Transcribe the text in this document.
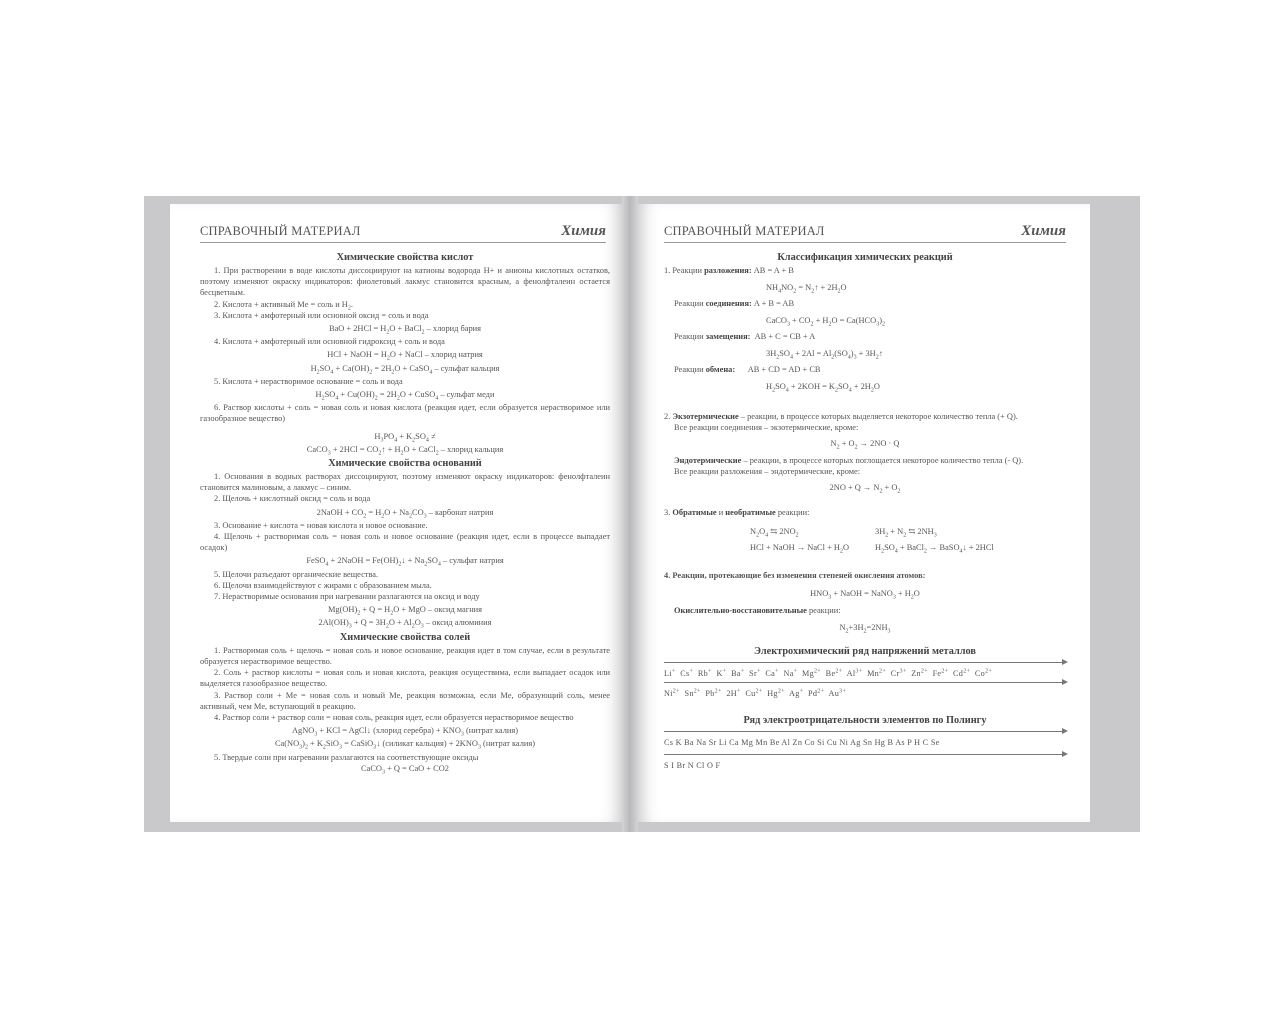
СПРАВОЧНЫЙ МАТЕРИАЛ	Химия
Химические свойства кислот

1. При растворении в воде кислоты диссоциируют на катионы водорода H+ и анионы кислотных остатков, поэтому изменяют окраску индикаторов: фиолетовый лакмус становится красным, а фенолфталеин остается бесцветным.

2. Кислота + активный Me = соль и $H_2$.

3. Кислота + амфотерный или основной оксид = соль и вода

BaO + $2HCl = H_2O$ + BaCl$_2$ – хлорид бария

4. Кислота + амфотерный или основной гидроксид + соль и вода

HCl + NaOH = $H_2O$ + NaCl – хлорид натрия
$H_2SO_4 + Ca(OH)_2 = 2H_2O$ + CaSO$_4$ – сульфат кальция

5. Кислота + нерастворимое основание = соль и вода

$H_2SO_4 + Cu(OH)_2 = 2H_2O$ + CuSO$_4$ – сульфат меди

6. Раствор кислоты + соль = новая соль и новая кислота (реакция идет, если образуется нерастворимое или газообразное вещество)

$H_3PO_4 + K_2SO_4$ ≠
CaCO$_3$ + $2HCl = CO_2↑ + H_2O$ + CaCl$_2$ – хлорид кальция
Химические свойства оснований

1. Основания в водных растворах диссоциируют, поэтому изменяют окраску индикаторов: фенолфталеин становится малиновым, а лакмус – синим.

2. Щелочь + кислотный оксид = соль и вода

2NaOH + $CO_2 = H_2O + Na_2CO_3$ – карбонат натрия

3. Основание + кислота = новая кислота и новое основание.

4. Щелочь + растворимая соль = новая соль и новое основание (реакция идет, если в процессе выпадает осадок)

FeSO$_4$ + 2NaOH = $Fe(OH)_2↓ + Na_2SO_4$ – сульфат натрия

5. Щелочи разъедают органические вещества.

6. Щелочи взаимодействуют с жирами с образованием мыла.

7. Нерастворимые основания при нагревании разлагаются на оксид и воду

$Mg(OH)_2 + Q = H_2O$ + MgO – оксид магния
$2Al(OH)_3 + Q = 3H_2O + Al_2O_3$ – оксид алюминия
Химические свойства солей

1. Растворимая соль + щелочь = новая соль и новое основание, реакция идет в том случае, если в результате образуется нерастворимое вещество.

2. Соль + раствор кислоты = новая соль и новая кислота, реакция осуществима, если выпадает осадок или выделяется газообразное вещество.

3. Раствор соли + Me = новая соль и новый Me, реакция возможна, если Me, образующий соль, менее активный, чем Me, вступающий в реакцию.

4. Раствор соли + раствор соли = новая соль, реакция идет, если образуется нерастворимое вещество

AgNO$_3$ + KCl = AgCl↓ (хлорид серебра) + $KNO_3$ (нитрат калия)
$Ca(NO_3)_2 + K_2SiO_3$ = CaSiO$_3$↓ (силикат кальция) + $2KNO_3$ (нитрат калия)

5. Твердые соли при нагревании разлагаются на соответствующие оксиды

CaCO$_3$ + Q = CaO + CO2
СПРАВОЧНЫЙ МАТЕРИАЛ	Химия
Классификация химических реакций
1. Реакции разложения: AB = A + B
$NH_4NO_2$ = $N_2↑ + 2H_2O$
Реакции соединения: A + B = AB
CaCO$_3$ + $CO_2 + H_2O = Ca(HCO_3)_2$
Реакции замещения: AB + C = CB + A
$3H_2SO_4 + 2Al = Al_2(SO_4)_3$ + $3H_2↑$
Реакции обмена: AB + CD = AD + CB
$H_2SO_4 + 2KOH = K_2SO_4 + 2H_2O$
2. Экзотермические – реакции, в процессе которых выделяется некоторое количество тепла (+ Q).
Все реакции соединения – экзотермические, кроме:
$N_2 + O_2 \to 2NO \cdot Q$
Эндотермические – реакции, в процессе которых поглощается некоторое количество тепла (- Q).
Все реакции разложения – эндотермические, кроме:
$2NO + Q \to N_2 + O_2$
3. Обратимые и необратимые реакции:
$N_2O_4$ ⇆ $2NO_2$
HCl + NaOH → NaCl + $H_2O$
$3H_2 + N_2$ ⇆ $2NH_3$
$H_2SO_4$ + BaCl$_2$ → BaSO$_4$↓ + 2HCl
4. Реакции, протекающие без изменения степеней окисления атомов:
$HNO_3$ + NaOH = NaNO$_3$ + $H_2O$
Окислительно-восстановительные реакции:
$N_2+3H_2=2NH_3$
Электрохимический ряд напряжений металлов
Li+  Cs+  Rb+  K+  Ba+  Sr+  Ca+  Na+  $Mg^{2+}$  $Be^{2+}$  $Al^{3+}$  $Mn^{2+}$  $Cr^{3+}$  $Zn^{2+}$  $Fe^{2+}$  $Cd^{2+}$  $Co^{2+}$
$Ni^{2+}$  $Sn^{2+}$  $Pb^{2+}$  2H+  $Cu^{2+}$  $Hg^{2+}$  Ag+  $Pd^{2+}$  $Au^{3+}$
Ряд электроотрицательности элементов по Полингу
Cs K Ba Na Sr Li Ca Mg Mn Be Al Zn Co Si Cu Ni Ag Sn Hg B As P H C Se
S I Br N Cl O F
